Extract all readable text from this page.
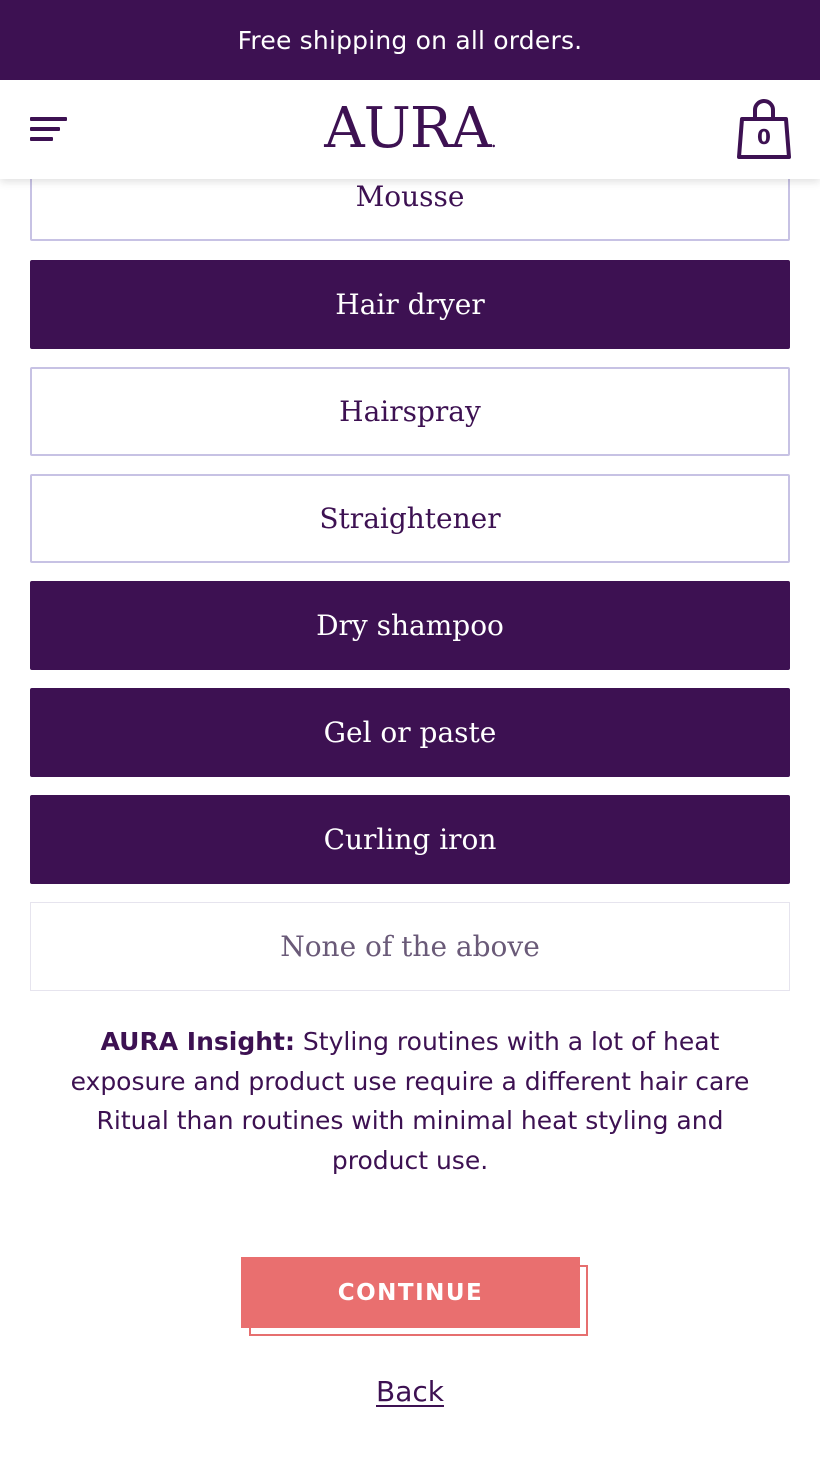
Free shipping on all orders.
AURA.	0
Mousse
Hair dryer
Hairspray
Straightener
Dry shampoo
Gel or paste
Curling iron
None of the above
AURA Insight: Styling routines with a lot of heat exposure and product use require a different hair care Ritual than routines with minimal heat styling and product use.
CONTINUE
Back
